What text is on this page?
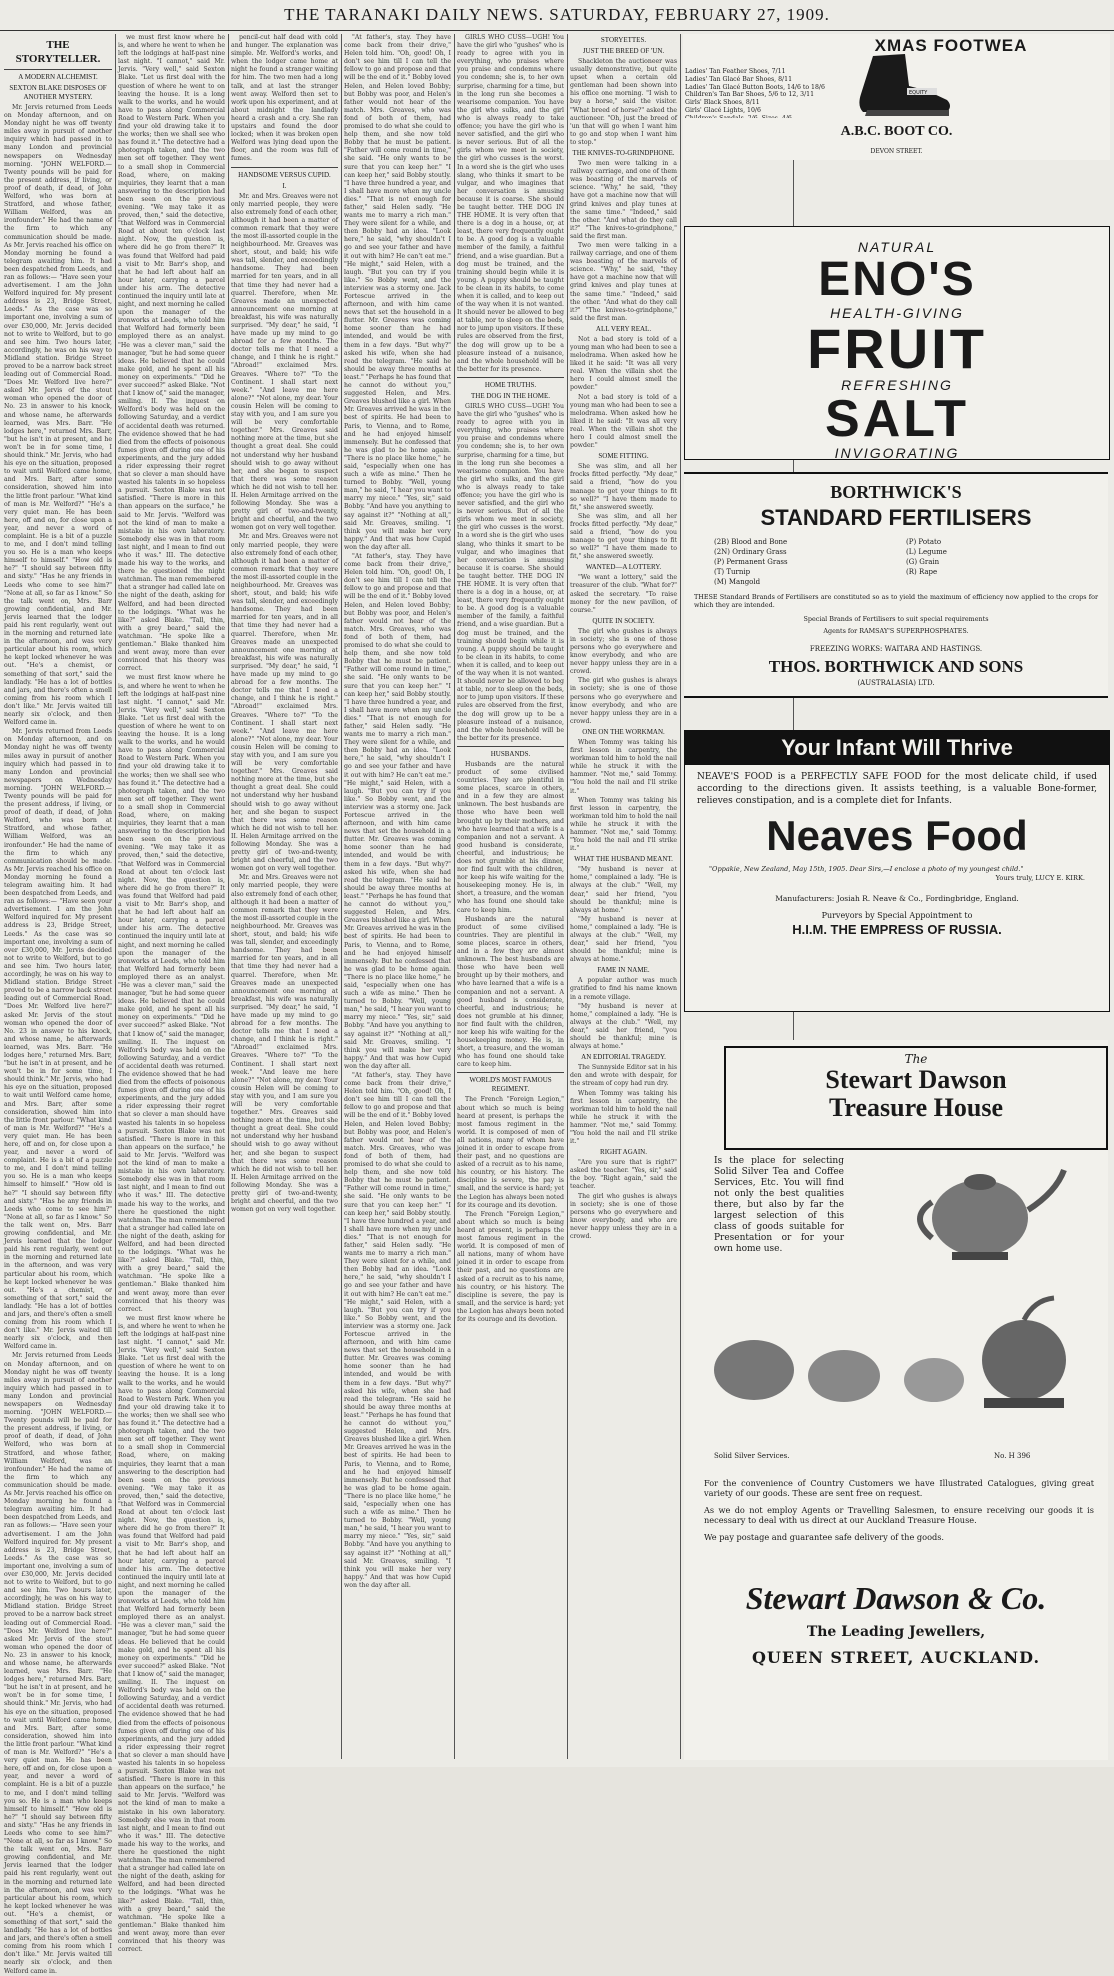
THE TARANAKI DAILY NEWS. SATURDAY, FEBRUARY 27, 1909.
THE STORYTELLER.
A MODERN ALCHEMIST.
SEXTON BLAKE DISPOSES OF ANOTHER MYSTERY.

Mr. Jervis returned from Leeds on Monday afternoon, and on Monday night he was off twenty miles away in pursuit of another inquiry which had passed in to many London and provincial newspapers on Wednesday morning. "JOHN WELFORD.—Twenty pounds will be paid for the present address, if living, or proof of death, if dead, of John Welford, who was born at Stratford, and whose father, William Welford, was an ironfounder." He had the name of the firm to which any communication should be made. As Mr. Jervis reached his office on Monday morning he found a telegram awaiting him. It had been despatched from Leeds, and ran as follows:— "Have seen your advertisement. I am the John Welford inquired for. My present address is 23, Bridge Street, Leeds." As the case was so important one, involving a sum of over £30,000, Mr. Jervis decided not to write to Welford, but to go and see him. Two hours later, accordingly, he was on his way to Midland station. Bridge Street proved to be a narrow back street leading out of Commercial Road. "Does Mr. Welford live here?" asked Mr. Jervis of the stout woman who opened the door of No. 23 in answer to his knock, and whose name, he afterwards learned, was Mrs. Barr. "He lodges here," returned Mrs. Barr, "but he isn't in at present, and he won't be in for some time, I should think." Mr. Jervis, who had his eye on the situation, proposed to wait until Welford came home, and Mrs. Barr, after some consideration, showed him into the little front parlour. "What kind of man is Mr. Welford?" "He's a very quiet man. He has been here, off and on, for close upon a year, and never a word of complaint. He is a bit of a puzzle to me, and I don't mind telling you so. He is a man who keeps himself to himself." "How old is he?" "I should say between fifty and sixty." "Has he any friends in Leeds who come to see him?" "None at all, so far as I know." So the talk went on, Mrs. Barr growing confidential, and Mr. Jervis learned that the lodger paid his rent regularly, went out in the morning and returned late in the afternoon, and was very particular about his room, which he kept locked whenever he was out. "He's a chemist, or something of that sort," said the landlady. "He has a lot of bottles and jars, and there's often a smell coming from his room which I don't like." Mr. Jervis waited till nearly six o'clock, and then Welford came in.

Mr. Jervis returned from Leeds on Monday afternoon, and on Monday night he was off twenty miles away in pursuit of another inquiry which had passed in to many London and provincial newspapers on Wednesday morning. "JOHN WELFORD.—Twenty pounds will be paid for the present address, if living, or proof of death, if dead, of John Welford, who was born at Stratford, and whose father, William Welford, was an ironfounder." He had the name of the firm to which any communication should be made. As Mr. Jervis reached his office on Monday morning he found a telegram awaiting him. It had been despatched from Leeds, and ran as follows:— "Have seen your advertisement. I am the John Welford inquired for. My present address is 23, Bridge Street, Leeds." As the case was so important one, involving a sum of over £30,000, Mr. Jervis decided not to write to Welford, but to go and see him. Two hours later, accordingly, he was on his way to Midland station. Bridge Street proved to be a narrow back street leading out of Commercial Road. "Does Mr. Welford live here?" asked Mr. Jervis of the stout woman who opened the door of No. 23 in answer to his knock, and whose name, he afterwards learned, was Mrs. Barr. "He lodges here," returned Mrs. Barr, "but he isn't in at present, and he won't be in for some time, I should think." Mr. Jervis, who had his eye on the situation, proposed to wait until Welford came home, and Mrs. Barr, after some consideration, showed him into the little front parlour. "What kind of man is Mr. Welford?" "He's a very quiet man. He has been here, off and on, for close upon a year, and never a word of complaint. He is a bit of a puzzle to me, and I don't mind telling you so. He is a man who keeps himself to himself." "How old is he?" "I should say between fifty and sixty." "Has he any friends in Leeds who come to see him?" "None at all, so far as I know." So the talk went on, Mrs. Barr growing confidential, and Mr. Jervis learned that the lodger paid his rent regularly, went out in the morning and returned late in the afternoon, and was very particular about his room, which he kept locked whenever he was out. "He's a chemist, or something of that sort," said the landlady. "He has a lot of bottles and jars, and there's often a smell coming from his room which I don't like." Mr. Jervis waited till nearly six o'clock, and then Welford came in.

Mr. Jervis returned from Leeds on Monday afternoon, and on Monday night he was off twenty miles away in pursuit of another inquiry which had passed in to many London and provincial newspapers on Wednesday morning. "JOHN WELFORD.—Twenty pounds will be paid for the present address, if living, or proof of death, if dead, of John Welford, who was born at Stratford, and whose father, William Welford, was an ironfounder." He had the name of the firm to which any communication should be made. As Mr. Jervis reached his office on Monday morning he found a telegram awaiting him. It had been despatched from Leeds, and ran as follows:— "Have seen your advertisement. I am the John Welford inquired for. My present address is 23, Bridge Street, Leeds." As the case was so important one, involving a sum of over £30,000, Mr. Jervis decided not to write to Welford, but to go and see him. Two hours later, accordingly, he was on his way to Midland station. Bridge Street proved to be a narrow back street leading out of Commercial Road. "Does Mr. Welford live here?" asked Mr. Jervis of the stout woman who opened the door of No. 23 in answer to his knock, and whose name, he afterwards learned, was Mrs. Barr. "He lodges here," returned Mrs. Barr, "but he isn't in at present, and he won't be in for some time, I should think." Mr. Jervis, who had his eye on the situation, proposed to wait until Welford came home, and Mrs. Barr, after some consideration, showed him into the little front parlour. "What kind of man is Mr. Welford?" "He's a very quiet man. He has been here, off and on, for close upon a year, and never a word of complaint. He is a bit of a puzzle to me, and I don't mind telling you so. He is a man who keeps himself to himself." "How old is he?" "I should say between fifty and sixty." "Has he any friends in Leeds who come to see him?" "None at all, so far as I know." So the talk went on, Mrs. Barr growing confidential, and Mr. Jervis learned that the lodger paid his rent regularly, went out in the morning and returned late in the afternoon, and was very particular about his room, which he kept locked whenever he was out. "He's a chemist, or something of that sort," said the landlady. "He has a lot of bottles and jars, and there's often a smell coming from his room which I don't like." Mr. Jervis waited till nearly six o'clock, and then Welford came in.

we must first know where he is, and where he went to when he left the lodgings at half-past nine last night. "I cannot," said Mr. Jervis. "Very well," said Sexton Blake. "Let us first deal with the question of where he went to on leaving the house. It is a long walk to the works, and he would have to pass along Commercial Road to Western Park. When you find your old drawing take it to the works; then we shall see who has found it." The detective had a photograph taken, and the two men set off together. They went to a small shop in Commercial Road, where, on making inquiries, they learnt that a man answering to the description had been seen on the previous evening. "We may take it as proved, then," said the detective, "that Welford was in Commercial Road at about ten o'clock last night. Now, the question is, where did he go from there?" It was found that Welford had paid a visit to Mr. Barr's shop, and that he had left about half an hour later, carrying a parcel under his arm. The detective continued the inquiry until late at night, and next morning he called upon the manager of the ironworks at Leeds, who told him that Welford had formerly been employed there as an analyst. "He was a clever man," said the manager, "but he had some queer ideas. He believed that he could make gold, and he spent all his money on experiments." "Did he ever succeed?" asked Blake. "Not that I know of," said the manager, smiling. II. The inquest on Welford's body was held on the following Saturday, and a verdict of accidental death was returned. The evidence showed that he had died from the effects of poisonous fumes given off during one of his experiments, and the jury added a rider expressing their regret that so clever a man should have wasted his talents in so hopeless a pursuit. Sexton Blake was not satisfied. "There is more in this than appears on the surface," he said to Mr. Jervis. "Welford was not the kind of man to make a mistake in his own laboratory. Somebody else was in that room last night, and I mean to find out who it was." III. The detective made his way to the works, and there he questioned the night watchman. The man remembered that a stranger had called late on the night of the death, asking for Welford, and had been directed to the lodgings. "What was he like?" asked Blake. "Tall, thin, with a grey beard," said the watchman. "He spoke like a gentleman." Blake thanked him and went away, more than ever convinced that his theory was correct.

we must first know where he is, and where he went to when he left the lodgings at half-past nine last night. "I cannot," said Mr. Jervis. "Very well," said Sexton Blake. "Let us first deal with the question of where he went to on leaving the house. It is a long walk to the works, and he would have to pass along Commercial Road to Western Park. When you find your old drawing take it to the works; then we shall see who has found it." The detective had a photograph taken, and the two men set off together. They went to a small shop in Commercial Road, where, on making inquiries, they learnt that a man answering to the description had been seen on the previous evening. "We may take it as proved, then," said the detective, "that Welford was in Commercial Road at about ten o'clock last night. Now, the question is, where did he go from there?" It was found that Welford had paid a visit to Mr. Barr's shop, and that he had left about half an hour later, carrying a parcel under his arm. The detective continued the inquiry until late at night, and next morning he called upon the manager of the ironworks at Leeds, who told him that Welford had formerly been employed there as an analyst. "He was a clever man," said the manager, "but he had some queer ideas. He believed that he could make gold, and he spent all his money on experiments." "Did he ever succeed?" asked Blake. "Not that I know of," said the manager, smiling. II. The inquest on Welford's body was held on the following Saturday, and a verdict of accidental death was returned. The evidence showed that he had died from the effects of poisonous fumes given off during one of his experiments, and the jury added a rider expressing their regret that so clever a man should have wasted his talents in so hopeless a pursuit. Sexton Blake was not satisfied. "There is more in this than appears on the surface," he said to Mr. Jervis. "Welford was not the kind of man to make a mistake in his own laboratory. Somebody else was in that room last night, and I mean to find out who it was." III. The detective made his way to the works, and there he questioned the night watchman. The man remembered that a stranger had called late on the night of the death, asking for Welford, and had been directed to the lodgings. "What was he like?" asked Blake. "Tall, thin, with a grey beard," said the watchman. "He spoke like a gentleman." Blake thanked him and went away, more than ever convinced that his theory was correct.

we must first know where he is, and where he went to when he left the lodgings at half-past nine last night. "I cannot," said Mr. Jervis. "Very well," said Sexton Blake. "Let us first deal with the question of where he went to on leaving the house. It is a long walk to the works, and he would have to pass along Commercial Road to Western Park. When you find your old drawing take it to the works; then we shall see who has found it." The detective had a photograph taken, and the two men set off together. They went to a small shop in Commercial Road, where, on making inquiries, they learnt that a man answering to the description had been seen on the previous evening. "We may take it as proved, then," said the detective, "that Welford was in Commercial Road at about ten o'clock last night. Now, the question is, where did he go from there?" It was found that Welford had paid a visit to Mr. Barr's shop, and that he had left about half an hour later, carrying a parcel under his arm. The detective continued the inquiry until late at night, and next morning he called upon the manager of the ironworks at Leeds, who told him that Welford had formerly been employed there as an analyst. "He was a clever man," said the manager, "but he had some queer ideas. He believed that he could make gold, and he spent all his money on experiments." "Did he ever succeed?" asked Blake. "Not that I know of," said the manager, smiling. II. The inquest on Welford's body was held on the following Saturday, and a verdict of accidental death was returned. The evidence showed that he had died from the effects of poisonous fumes given off during one of his experiments, and the jury added a rider expressing their regret that so clever a man should have wasted his talents in so hopeless a pursuit. Sexton Blake was not satisfied. "There is more in this than appears on the surface," he said to Mr. Jervis. "Welford was not the kind of man to make a mistake in his own laboratory. Somebody else was in that room last night, and I mean to find out who it was." III. The detective made his way to the works, and there he questioned the night watchman. The man remembered that a stranger had called late on the night of the death, asking for Welford, and had been directed to the lodgings. "What was he like?" asked Blake. "Tall, thin, with a grey beard," said the watchman. "He spoke like a gentleman." Blake thanked him and went away, more than ever convinced that his theory was correct.

pencil-cut half dead with cold and hunger. The explanation was simple. Mr. Welford's works, and when the lodger came home at night he found a stranger waiting for him. The two men had a long talk, and at last the stranger went away. Welford then set to work upon his experiment, and at about midnight the landlady heard a crash and a cry. She ran upstairs and found the door locked; when it was broken open Welford was lying dead upon the floor, and the room was full of fumes.

HANDSOME VERSUS CUPID.
I.

Mr. and Mrs. Greaves were not only married people, they were also extremely fond of each other, although it had been a matter of common remark that they were the most ill-assorted couple in the neighbourhood. Mr. Greaves was short, stout, and bald; his wife was tall, slender, and exceedingly handsome. They had been married for ten years, and in all that time they had never had a quarrel. Therefore, when Mr. Greaves made an unexpected announcement one morning at breakfast, his wife was naturally surprised. "My dear," he said, "I have made up my mind to go abroad for a few months. The doctor tells me that I need a change, and I think he is right." "Abroad!" exclaimed Mrs. Greaves. "Where to?" "To the Continent. I shall start next week." "And leave me here alone?" "Not alone, my dear. Your cousin Helen will be coming to stay with you, and I am sure you will be very comfortable together." Mrs. Greaves said nothing more at the time, but she thought a great deal. She could not understand why her husband should wish to go away without her, and she began to suspect that there was some reason which he did not wish to tell her. II. Helen Armitage arrived on the following Monday. She was a pretty girl of two-and-twenty, bright and cheerful, and the two women got on very well together.

Mr. and Mrs. Greaves were not only married people, they were also extremely fond of each other, although it had been a matter of common remark that they were the most ill-assorted couple in the neighbourhood. Mr. Greaves was short, stout, and bald; his wife was tall, slender, and exceedingly handsome. They had been married for ten years, and in all that time they had never had a quarrel. Therefore, when Mr. Greaves made an unexpected announcement one morning at breakfast, his wife was naturally surprised. "My dear," he said, "I have made up my mind to go abroad for a few months. The doctor tells me that I need a change, and I think he is right." "Abroad!" exclaimed Mrs. Greaves. "Where to?" "To the Continent. I shall start next week." "And leave me here alone?" "Not alone, my dear. Your cousin Helen will be coming to stay with you, and I am sure you will be very comfortable together." Mrs. Greaves said nothing more at the time, but she thought a great deal. She could not understand why her husband should wish to go away without her, and she began to suspect that there was some reason which he did not wish to tell her. II. Helen Armitage arrived on the following Monday. She was a pretty girl of two-and-twenty, bright and cheerful, and the two women got on very well together.

Mr. and Mrs. Greaves were not only married people, they were also extremely fond of each other, although it had been a matter of common remark that they were the most ill-assorted couple in the neighbourhood. Mr. Greaves was short, stout, and bald; his wife was tall, slender, and exceedingly handsome. They had been married for ten years, and in all that time they had never had a quarrel. Therefore, when Mr. Greaves made an unexpected announcement one morning at breakfast, his wife was naturally surprised. "My dear," he said, "I have made up my mind to go abroad for a few months. The doctor tells me that I need a change, and I think he is right." "Abroad!" exclaimed Mrs. Greaves. "Where to?" "To the Continent. I shall start next week." "And leave me here alone?" "Not alone, my dear. Your cousin Helen will be coming to stay with you, and I am sure you will be very comfortable together." Mrs. Greaves said nothing more at the time, but she thought a great deal. She could not understand why her husband should wish to go away without her, and she began to suspect that there was some reason which he did not wish to tell her. II. Helen Armitage arrived on the following Monday. She was a pretty girl of two-and-twenty, bright and cheerful, and the two women got on very well together.

"At father's, stay. They have come back from their drive," Helen told him. "Oh, good! Oh, I don't see him till I can tell the fellow to go and propose and that will be the end of it." Bobby loved Helen, and Helen loved Bobby; but Bobby was poor, and Helen's father would not hear of the match. Mrs. Greaves, who was fond of both of them, had promised to do what she could to help them, and she now told Bobby that he must be patient. "Father will come round in time," she said. "He only wants to be sure that you can keep her." "I can keep her," said Bobby stoutly. "I have three hundred a year, and I shall have more when my uncle dies." "That is not enough for father," said Helen sadly. "He wants me to marry a rich man." They were silent for a while, and then Bobby had an idea. "Look here," he said, "why shouldn't I go and see your father and have it out with him? He can't eat me." "He might," said Helen, with a laugh. "But you can try if you like." So Bobby went, and the interview was a stormy one. Jack Fortescue arrived in the afternoon, and with him came news that set the household in a flutter. Mr. Greaves was coming home sooner than he had intended, and would be with them in a few days. "But why?" asked his wife, when she had read the telegram. "He said he should be away three months at least." "Perhaps he has found that he cannot do without you," suggested Helen, and Mrs. Greaves blushed like a girl. When Mr. Greaves arrived he was in the best of spirits. He had been to Paris, to Vienna, and to Rome, and he had enjoyed himself immensely. But he confessed that he was glad to be home again. "There is no place like home," he said, "especially when one has such a wife as mine." Then he turned to Bobby. "Well, young man," he said, "I hear you want to marry my niece." "Yes, sir," said Bobby. "And have you anything to say against it?" "Nothing at all," said Mr. Greaves, smiling. "I think you will make her very happy." And that was how Cupid won the day after all.

"At father's, stay. They have come back from their drive," Helen told him. "Oh, good! Oh, I don't see him till I can tell the fellow to go and propose and that will be the end of it." Bobby loved Helen, and Helen loved Bobby; but Bobby was poor, and Helen's father would not hear of the match. Mrs. Greaves, who was fond of both of them, had promised to do what she could to help them, and she now told Bobby that he must be patient. "Father will come round in time," she said. "He only wants to be sure that you can keep her." "I can keep her," said Bobby stoutly. "I have three hundred a year, and I shall have more when my uncle dies." "That is not enough for father," said Helen sadly. "He wants me to marry a rich man." They were silent for a while, and then Bobby had an idea. "Look here," he said, "why shouldn't I go and see your father and have it out with him? He can't eat me." "He might," said Helen, with a laugh. "But you can try if you like." So Bobby went, and the interview was a stormy one. Jack Fortescue arrived in the afternoon, and with him came news that set the household in a flutter. Mr. Greaves was coming home sooner than he had intended, and would be with them in a few days. "But why?" asked his wife, when she had read the telegram. "He said he should be away three months at least." "Perhaps he has found that he cannot do without you," suggested Helen, and Mrs. Greaves blushed like a girl. When Mr. Greaves arrived he was in the best of spirits. He had been to Paris, to Vienna, and to Rome, and he had enjoyed himself immensely. But he confessed that he was glad to be home again. "There is no place like home," he said, "especially when one has such a wife as mine." Then he turned to Bobby. "Well, young man," he said, "I hear you want to marry my niece." "Yes, sir," said Bobby. "And have you anything to say against it?" "Nothing at all," said Mr. Greaves, smiling. "I think you will make her very happy." And that was how Cupid won the day after all.

"At father's, stay. They have come back from their drive," Helen told him. "Oh, good! Oh, I don't see him till I can tell the fellow to go and propose and that will be the end of it." Bobby loved Helen, and Helen loved Bobby; but Bobby was poor, and Helen's father would not hear of the match. Mrs. Greaves, who was fond of both of them, had promised to do what she could to help them, and she now told Bobby that he must be patient. "Father will come round in time," she said. "He only wants to be sure that you can keep her." "I can keep her," said Bobby stoutly. "I have three hundred a year, and I shall have more when my uncle dies." "That is not enough for father," said Helen sadly. "He wants me to marry a rich man." They were silent for a while, and then Bobby had an idea. "Look here," he said, "why shouldn't I go and see your father and have it out with him? He can't eat me." "He might," said Helen, with a laugh. "But you can try if you like." So Bobby went, and the interview was a stormy one. Jack Fortescue arrived in the afternoon, and with him came news that set the household in a flutter. Mr. Greaves was coming home sooner than he had intended, and would be with them in a few days. "But why?" asked his wife, when she had read the telegram. "He said he should be away three months at least." "Perhaps he has found that he cannot do without you," suggested Helen, and Mrs. Greaves blushed like a girl. When Mr. Greaves arrived he was in the best of spirits. He had been to Paris, to Vienna, and to Rome, and he had enjoyed himself immensely. But he confessed that he was glad to be home again. "There is no place like home," he said, "especially when one has such a wife as mine." Then he turned to Bobby. "Well, young man," he said, "I hear you want to marry my niece." "Yes, sir," said Bobby. "And have you anything to say against it?" "Nothing at all," said Mr. Greaves, smiling. "I think you will make her very happy." And that was how Cupid won the day after all.

GIRLS WHO CUSS—UGH! You have the girl who "gushes" who is ready to agree with you in everything, who praises where you praise and condemns where you condemn; she is, to her own surprise, charming for a time, but in the long run she becomes a wearisome companion. You have the girl who sulks, and the girl who is always ready to take offence; you have the girl who is never satisfied, and the girl who is never serious. But of all the girls whom we meet in society, the girl who cusses is the worst. In a word she is the girl who uses slang, who thinks it smart to be vulgar, and who imagines that her conversation is amusing because it is coarse. She should be taught better. THE DOG IN THE HOME. It is very often that there is a dog in a house, or, at least, there very frequently ought to be. A good dog is a valuable member of the family, a faithful friend, and a wise guardian. But a dog must be trained, and the training should begin while it is young. A puppy should be taught to be clean in its habits, to come when it is called, and to keep out of the way when it is not wanted. It should never be allowed to beg at table, nor to sleep on the beds, nor to jump upon visitors. If these rules are observed from the first, the dog will grow up to be a pleasure instead of a nuisance, and the whole household will be the better for its presence.

HOME TRUTHS.
THE DOG IN THE HOME.

GIRLS WHO CUSS—UGH! You have the girl who "gushes" who is ready to agree with you in everything, who praises where you praise and condemns where you condemn; she is, to her own surprise, charming for a time, but in the long run she becomes a wearisome companion. You have the girl who sulks, and the girl who is always ready to take offence; you have the girl who is never satisfied, and the girl who is never serious. But of all the girls whom we meet in society, the girl who cusses is the worst. In a word she is the girl who uses slang, who thinks it smart to be vulgar, and who imagines that her conversation is amusing because it is coarse. She should be taught better. THE DOG IN THE HOME. It is very often that there is a dog in a house, or, at least, there very frequently ought to be. A good dog is a valuable member of the family, a faithful friend, and a wise guardian. But a dog must be trained, and the training should begin while it is young. A puppy should be taught to be clean in its habits, to come when it is called, and to keep out of the way when it is not wanted. It should never be allowed to beg at table, nor to sleep on the beds, nor to jump upon visitors. If these rules are observed from the first, the dog will grow up to be a pleasure instead of a nuisance, and the whole household will be the better for its presence.

HUSBANDS.

Husbands are the natural product of some civilised countries. They are plentiful in some places, scarce in others, and in a few they are almost unknown. The best husbands are those who have been well brought up by their mothers, and who have learned that a wife is a companion and not a servant. A good husband is considerate, cheerful, and industrious; he does not grumble at his dinner, nor find fault with the children, nor keep his wife waiting for the housekeeping money. He is, in short, a treasure, and the woman who has found one should take care to keep him.

Husbands are the natural product of some civilised countries. They are plentiful in some places, scarce in others, and in a few they are almost unknown. The best husbands are those who have been well brought up by their mothers, and who have learned that a wife is a companion and not a servant. A good husband is considerate, cheerful, and industrious; he does not grumble at his dinner, nor find fault with the children, nor keep his wife waiting for the housekeeping money. He is, in short, a treasure, and the woman who has found one should take care to keep him.

WORLD'S MOST FAMOUS REGIMENT.

The French "Foreign Legion," about which so much is being heard at present, is perhaps the most famous regiment in the world. It is composed of men of all nations, many of whom have joined it in order to escape from their past, and no questions are asked of a recruit as to his name, his country, or his history. The discipline is severe, the pay is small, and the service is hard; yet the Legion has always been noted for its courage and its devotion.

The French "Foreign Legion," about which so much is being heard at present, is perhaps the most famous regiment in the world. It is composed of men of all nations, many of whom have joined it in order to escape from their past, and no questions are asked of a recruit as to his name, his country, or his history. The discipline is severe, the pay is small, and the service is hard; yet the Legion has always been noted for its courage and its devotion.

STORYETTES.
JUST THE BREED OF 'UN.

Shackleton the auctioneer was usually demonstrative, but quite upset when a certain old gentleman had been shown into his office one morning. "I wish to buy a horse," said the visitor. "What breed of horse?" asked the auctioneer. "Oh, just the breed of 'un that will go when I want him to go and stop when I want him to stop."

THE KNIVES-TO-GRINDPHONE.

Two men were talking in a railway carriage, and one of them was boasting of the marvels of science. "Why," he said, "they have got a machine now that will grind knives and play tunes at the same time." "Indeed," said the other. "And what do they call it?" "The knives-to-grindphone," said the first man.

Two men were talking in a railway carriage, and one of them was boasting of the marvels of science. "Why," he said, "they have got a machine now that will grind knives and play tunes at the same time." "Indeed," said the other. "And what do they call it?" "The knives-to-grindphone," said the first man.

ALL VERY REAL.

Not a bad story is told of a young man who had been to see a melodrama. When asked how he liked it he said: "It was all very real. When the villain shot the hero I could almost smell the powder."

Not a bad story is told of a young man who had been to see a melodrama. When asked how he liked it he said: "It was all very real. When the villain shot the hero I could almost smell the powder."

SOME FITTING.

She was slim, and all her frocks fitted perfectly. "My dear," said a friend, "how do you manage to get your things to fit so well?" "I have them made to fit," she answered sweetly.

She was slim, and all her frocks fitted perfectly. "My dear," said a friend, "how do you manage to get your things to fit so well?" "I have them made to fit," she answered sweetly.

WANTED—A LOTTERY.

"We want a lottery," said the treasurer of the club. "What for?" asked the secretary. "To raise money for the new pavilion, of course."

QUITE IN SOCIETY.

The girl who gushes is always in society; she is one of those persons who go everywhere and know everybody, and who are never happy unless they are in a crowd.

The girl who gushes is always in society; she is one of those persons who go everywhere and know everybody, and who are never happy unless they are in a crowd.

ONE ON THE WORKMAN.

When Tommy was taking his first lesson in carpentry, the workman told him to hold the nail while he struck it with the hammer. "Not me," said Tommy. "You hold the nail and I'll strike it."

When Tommy was taking his first lesson in carpentry, the workman told him to hold the nail while he struck it with the hammer. "Not me," said Tommy. "You hold the nail and I'll strike it."

WHAT THE HUSBAND MEANT.

"My husband is never at home," complained a lady. "He is always at the club." "Well, my dear," said her friend, "you should be thankful; mine is always at home."

"My husband is never at home," complained a lady. "He is always at the club." "Well, my dear," said her friend, "you should be thankful; mine is always at home."

FAME IN NAME.

A popular author was much gratified to find his name known in a remote village.

"My husband is never at home," complained a lady. "He is always at the club." "Well, my dear," said her friend, "you should be thankful; mine is always at home."

AN EDITORIAL TRAGEDY.

The Sunnyside Editor sat in his den and wrote with despair, for the stream of copy had run dry.

When Tommy was taking his first lesson in carpentry, the workman told him to hold the nail while he struck it with the hammer. "Not me," said Tommy. "You hold the nail and I'll strike it."

RIGHT AGAIN.

"Are you sure that is right?" asked the teacher. "Yes, sir," said the boy. "Right again," said the teacher.

The girl who gushes is always in society; she is one of those persons who go everywhere and know everybody, and who are never happy unless they are in a crowd.

XMAS FOOTWEA
Ladies' Tan Feather Shoes, 7/11
Ladies' Tan Glacé Bar Shoes, 8/11
Ladies' Tan Glacé Button Boots, 14/6 to 18/6
Children's Tan Bar Shoes, 5/6 to 12, 3/11
Girls' Black Shoes, 8/11
Girls' Glacé Lights, 10/6
EQUITY
A.B.C. BOOT CO.
DEVON STREET.
NATURAL
ENO'S
HEALTH-GIVING
FRUIT
REFRESHING
SALT
INVIGORATING
BORTHWICK'S
STANDARD FERTILISERS
(2B) Blood and Bone	(P) Potato
(2N) Ordinary Grass	(L) Legume
(P) Permanent Grass	(G) Grain
(T) Turnip	(R) Rape
(M) Mangold
THESE Standard Brands of Fertilisers are constituted so as to yield the maximum of efficiency now applied to the crops for which they are intended.
Special Brands of Fertilisers to suit special requirements
Agents for RAMSAY'S SUPERPHOSPHATES.
FREEZING WORKS: WAITARA AND HASTINGS.
THOS. BORTHWICK AND SONS
(AUSTRALASIA) LTD.
Your Infant Will Thrive
NEAVE'S FOOD is a PERFECTLY SAFE FOOD for the most delicate child, if used according to the directions given. It assists teething, is a valuable Bone-former, relieves constipation, and is a complete diet for Infants.
Neaves Food
"Oppakie, New Zealand, May 15th, 1905. Dear Sirs,—I enclose a photo of my youngest child."
Yours truly, LUCY E. KIRK.
Manufacturers: Josiah R. Neave & Co., Fordingbridge, England.
Purveyors by Special Appointment to
H.I.M. THE EMPRESS OF RUSSIA.
The
Stewart Dawson
Treasure House
Is the place for selecting Solid Silver Tea and Coffee Services, Etc. You will find not only the best qualities there, but also by far the largest selection of this class of goods suitable for Presentation or for your own home use.
Solid Silver Services.	No. H 396
For the convenience of Country Customers we have Illustrated Catalogues, giving great variety of our goods. These are sent free on request.
As we do not employ Agents or Travelling Salesmen, to ensure receiving our goods it is necessary to deal with us direct at our Auckland Treasure House.
We pay postage and guarantee safe delivery of the goods.
Stewart Dawson & Co.
The Leading Jewellers,
QUEEN STREET, AUCKLAND.
